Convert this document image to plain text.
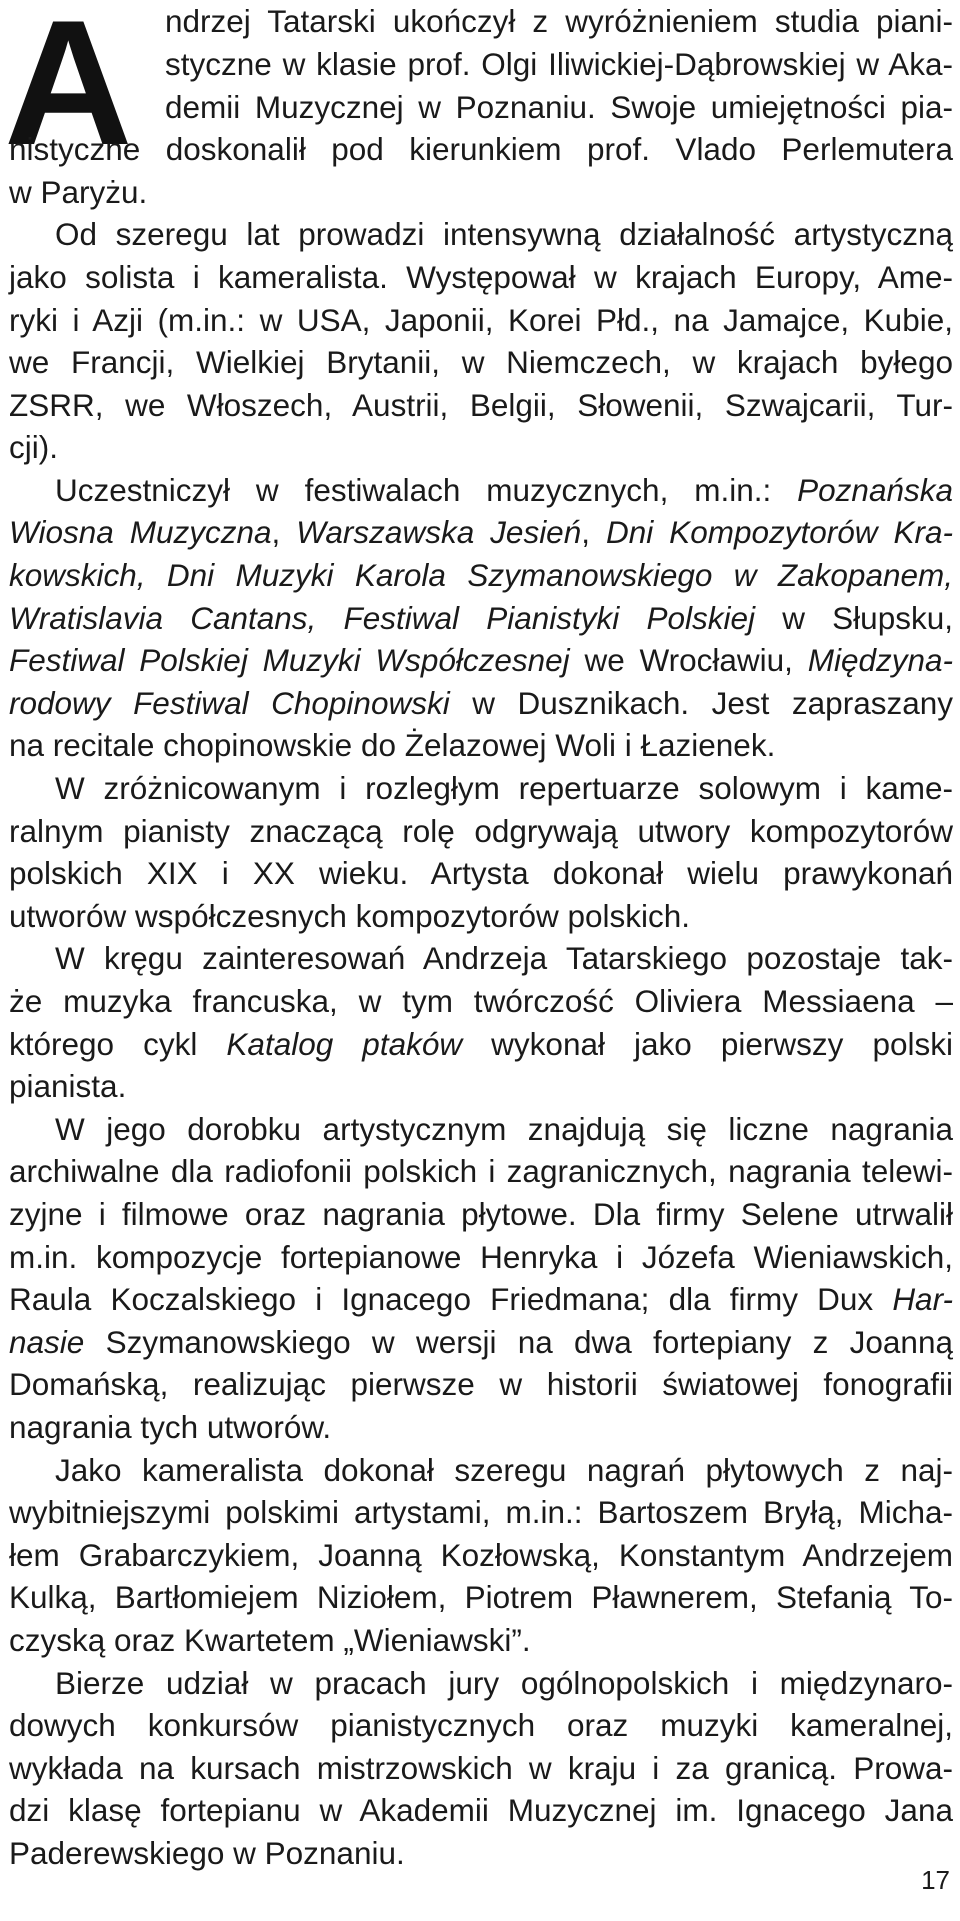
A	ndrzej Tatarski ukończył z wyróżnieniem studia piani-
styczne w klasie prof. Olgi Iliwickiej-Dąbrowskiej w Aka-
demii Muzycznej w Poznaniu. Swoje umiejętności pia-
nistyczne doskonalił pod kierunkiem prof. Vlado Perlemutera
w Paryżu.
Od szeregu lat prowadzi intensywną działalność artystyczną
jako solista i kameralista. Występował w krajach Europy, Ame-
ryki i Azji (m.in.: w USA, Japonii, Korei Płd., na Jamajce, Kubie,
we Francji, Wielkiej Brytanii, w Niemczech, w krajach byłego
ZSRR, we Włoszech, Austrii, Belgii, Słowenii, Szwajcarii, Tur-
cji).
Uczestniczył w festiwalach muzycznych, m.in.: Poznańska
Wiosna Muzyczna, Warszawska Jesień, Dni Kompozytorów Kra-
kowskich, Dni Muzyki Karola Szymanowskiego w Zakopanem,
Wratislavia Cantans, Festiwal Pianistyki Polskiej w Słupsku,
Festiwal Polskiej Muzyki Współczesnej we Wrocławiu, Międzyna-
rodowy Festiwal Chopinowski w Dusznikach. Jest zapraszany
na recitale chopinowskie do Żelazowej Woli i Łazienek.
W zróżnicowanym i rozległym repertuarze solowym i kame-
ralnym pianisty znaczącą rolę odgrywają utwory kompozytorów
polskich XIX i XX wieku. Artysta dokonał wielu prawykonań
utworów współczesnych kompozytorów polskich.
W kręgu zainteresowań Andrzeja Tatarskiego pozostaje tak-
że muzyka francuska, w tym twórczość Oliviera Messiaena –
którego cykl Katalog ptaków wykonał jako pierwszy polski
pianista.
W jego dorobku artystycznym znajdują się liczne nagrania
archiwalne dla radiofonii polskich i zagranicznych, nagrania telewi-
zyjne i filmowe oraz nagrania płytowe. Dla firmy Selene utrwalił
m.in. kompozycje fortepianowe Henryka i Józefa Wieniawskich,
Raula Koczalskiego i Ignacego Friedmana; dla firmy Dux Har-
nasie Szymanowskiego w wersji na dwa fortepiany z Joanną
Domańską, realizując pierwsze w historii światowej fonografii
nagrania tych utworów.
Jako kameralista dokonał szeregu nagrań płytowych z naj-
wybitniejszymi polskimi artystami, m.in.: Bartoszem Bryłą, Micha-
łem Grabarczykiem, Joanną Kozłowską, Konstantym Andrzejem
Kulką, Bartłomiejem Niziołem, Piotrem Pławnerem, Stefanią To-
czyską oraz Kwartetem „Wieniawski”.
Bierze udział w pracach jury ogólnopolskich i międzynaro-
dowych konkursów pianistycznych oraz muzyki kameralnej,
wykłada na kursach mistrzowskich w kraju i za granicą. Prowa-
dzi klasę fortepianu w Akademii Muzycznej im. Ignacego Jana
Paderewskiego w Poznaniu.
17
